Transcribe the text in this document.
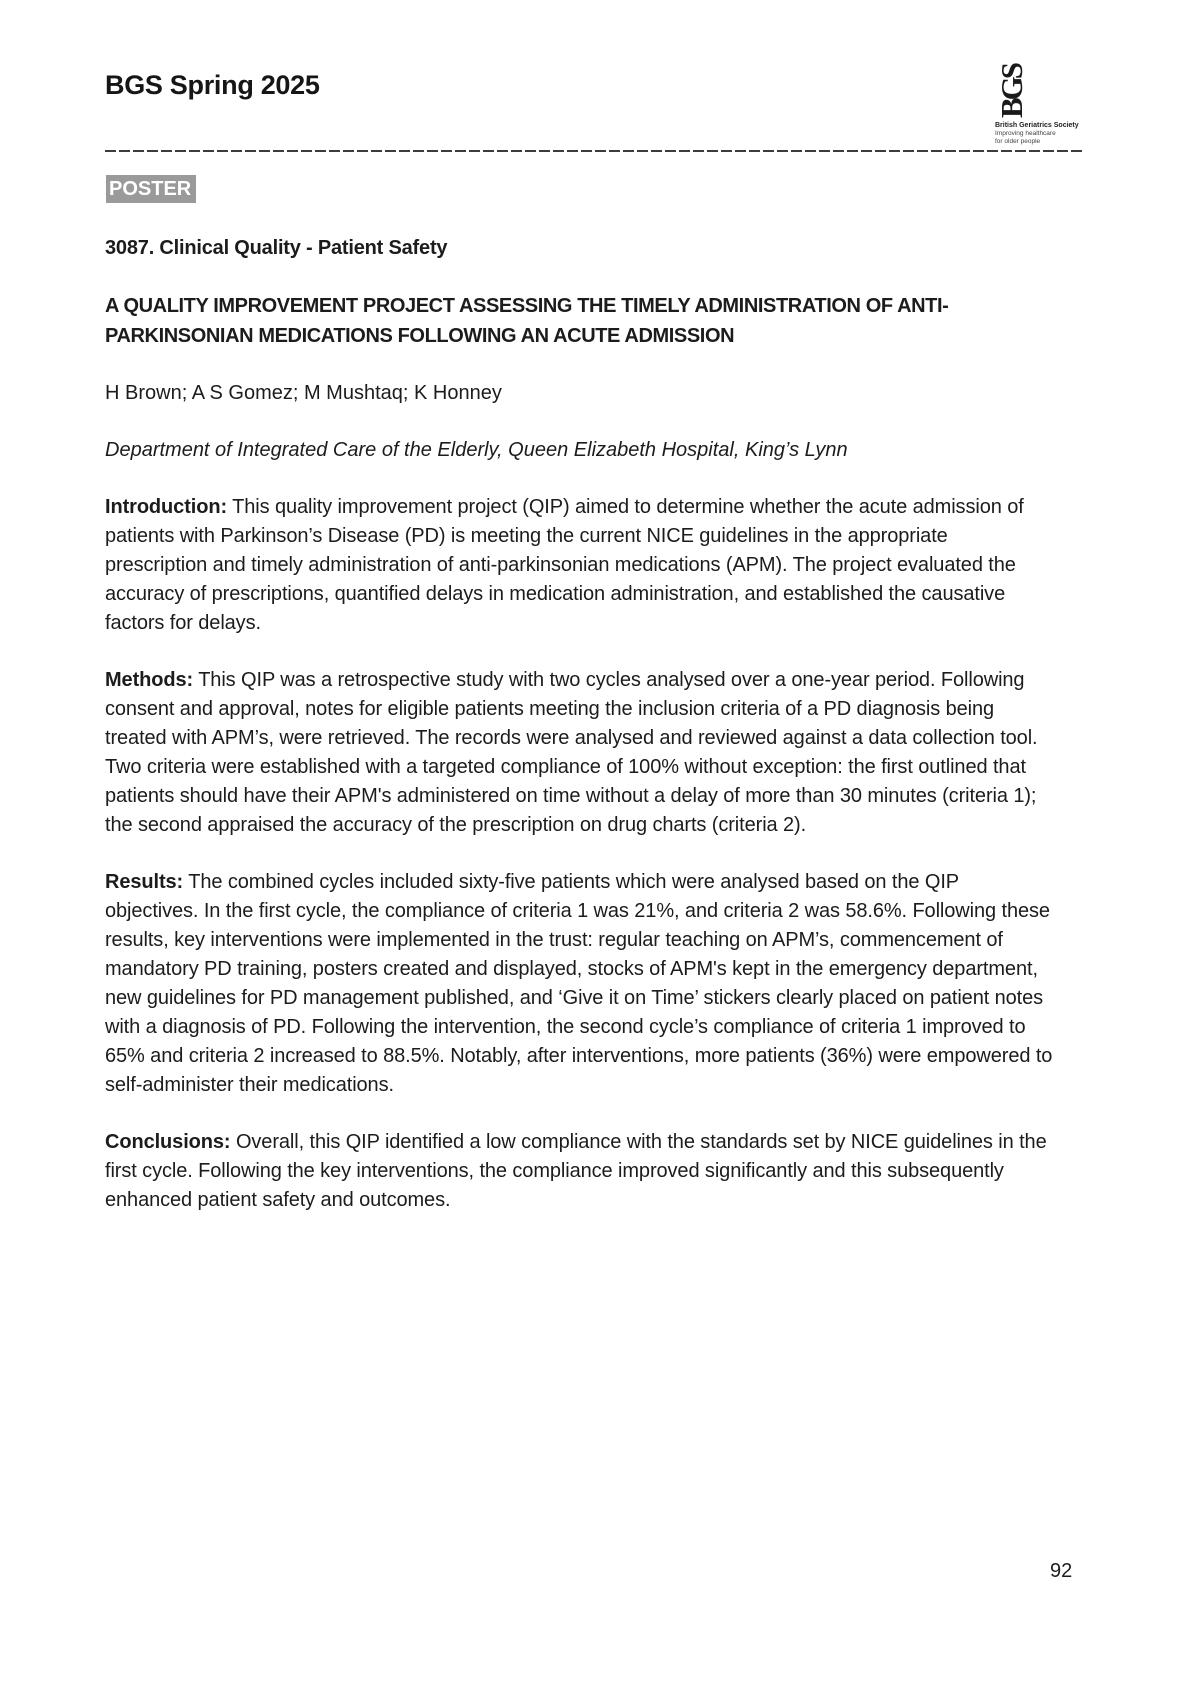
BGS Spring 2025	BGS
British Geriatrics Society
Improving healthcare
for older people
POSTER

3087. Clinical Quality - Patient Safety

A QUALITY IMPROVEMENT PROJECT ASSESSING THE TIMELY ADMINISTRATION OF ANTI-PARKINSONIAN MEDICATIONS FOLLOWING AN ACUTE ADMISSION

H Brown; A S Gomez; M Mushtaq; K Honney

Department of Integrated Care of the Elderly, Queen Elizabeth Hospital, King’s Lynn

Introduction: This quality improvement project (QIP) aimed to determine whether the acute admission of patients with Parkinson’s Disease (PD) is meeting the current NICE guidelines in the appropriate prescription and timely administration of anti-parkinsonian medications (APM). The project evaluated the accuracy of prescriptions, quantified delays in medication administration, and established the causative factors for delays.

Methods: This QIP was a retrospective study with two cycles analysed over a one-year period. Following consent and approval, notes for eligible patients meeting the inclusion criteria of a PD diagnosis being treated with APM’s, were retrieved. The records were analysed and reviewed against a data collection tool. Two criteria were established with a targeted compliance of 100% without exception: the first outlined that patients should have their APM's administered on time without a delay of more than 30 minutes (criteria 1); the second appraised the accuracy of the prescription on drug charts (criteria 2).

Results: The combined cycles included sixty-five patients which were analysed based on the QIP objectives. In the first cycle, the compliance of criteria 1 was 21%, and criteria 2 was 58.6%. Following these results, key interventions were implemented in the trust: regular teaching on APM’s, commencement of mandatory PD training, posters created and displayed, stocks of APM's kept in the emergency department, new guidelines for PD management published, and ‘Give it on Time’ stickers clearly placed on patient notes with a diagnosis of PD. Following the intervention, the second cycle’s compliance of criteria 1 improved to 65% and criteria 2 increased to 88.5%. Notably, after interventions, more patients (36%) were empowered to self-administer their medications.

Conclusions: Overall, this QIP identified a low compliance with the standards set by NICE guidelines in the first cycle. Following the key interventions, the compliance improved significantly and this subsequently enhanced patient safety and outcomes.

92
